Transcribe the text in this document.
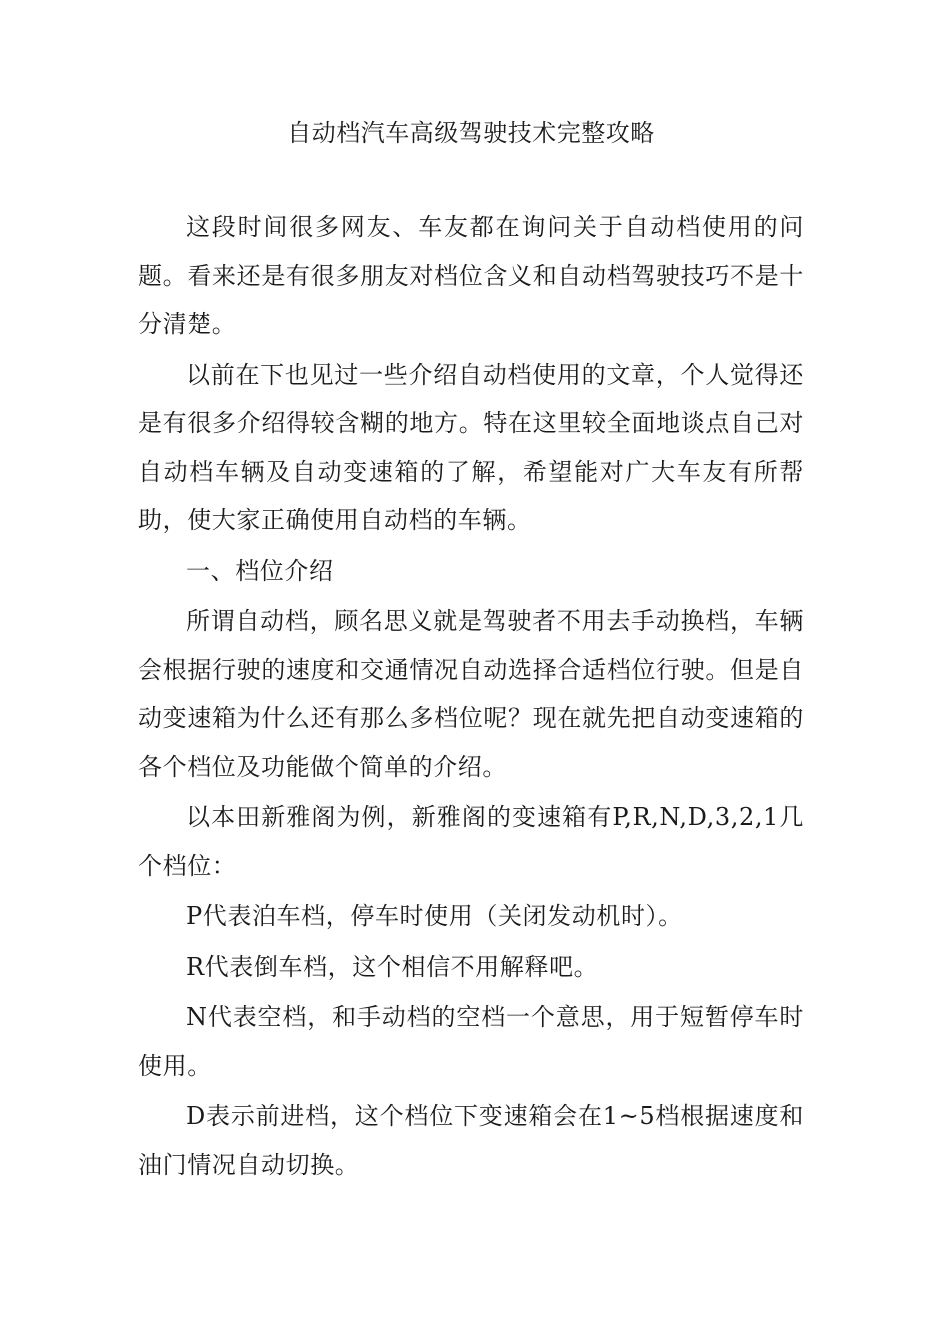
自动档汽车高级驾驶技术完整攻略

这段时间很多网友、车友都在询问关于自动档使用的问题。看来还是有很多朋友对档位含义和自动档驾驶技巧不是十分清楚。

以前在下也见过一些介绍自动档使用的文章，个人觉得还是有很多介绍得较含糊的地方。特在这里较全面地谈点自己对自动档车辆及自动变速箱的了解，希望能对广大车友有所帮助，使大家正确使用自动档的车辆。

一、档位介绍

所谓自动档，顾名思义就是驾驶者不用去手动换档，车辆会根据行驶的速度和交通情况自动选择合适档位行驶。但是自动变速箱为什么还有那么多档位呢？现在就先把自动变速箱的各个档位及功能做个简单的介绍。

以本田新雅阁为例，新雅阁的变速箱有P,R,N,D,3,2,1几个档位：

P代表泊车档，停车时使用（关闭发动机时）。

R代表倒车档，这个相信不用解释吧。

N代表空档，和手动档的空档一个意思，用于短暂停车时使用。

D表示前进档，这个档位下变速箱会在1~5档根据速度和油门情况自动切换。
